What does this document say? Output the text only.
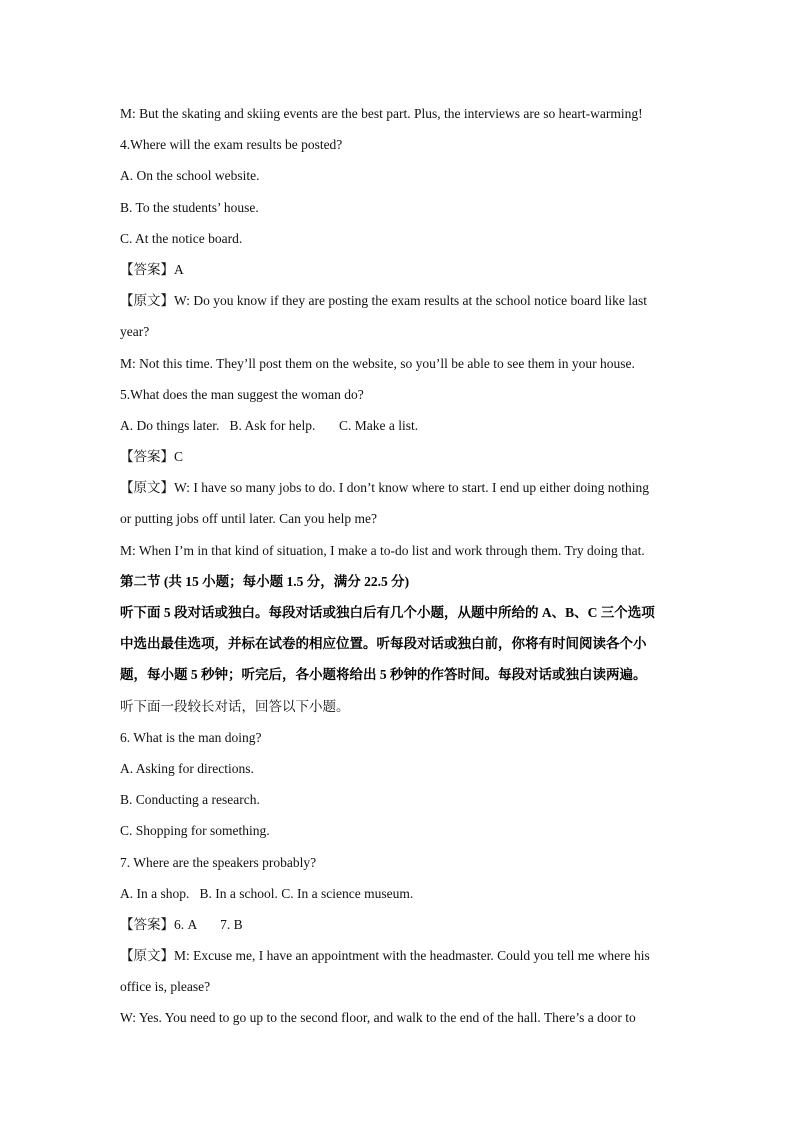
M: But the skating and skiing events are the best part. Plus, the interviews are so heart-warming!
4.Where will the exam results be posted?
A. On the school website.
B. To the students’ house.
C. At the notice board.
【答案】A
【原文】W: Do you know if they are posting the exam results at the school notice board like last
year?
M: Not this time. They’ll post them on the website, so you’ll be able to see them in your house.
5.What does the man suggest the woman do?
A. Do things later.   B. Ask for help.       C. Make a list.
【答案】C
【原文】W: I have so many jobs to do. I don’t know where to start. I end up either doing nothing
or putting jobs off until later. Can you help me?
M: When I’m in that kind of situation, I make a to-do list and work through them. Try doing that.
第二节 (共 15 小题；每小题 1.5 分，满分 22.5 分)
听下面 5 段对话或独白。每段对话或独白后有几个小题，从题中所给的 A、B、C 三个选项
中选出最佳选项，并标在试卷的相应位置。听每段对话或独白前，你将有时间阅读各个小
题，每小题 5 秒钟；听完后，各小题将给出 5 秒钟的作答时间。每段对话或独白读两遍。
听下面一段较长对话，回答以下小题。
6. What is the man doing?
A. Asking for directions.
B. Conducting a research.
C. Shopping for something.
7. Where are the speakers probably?
A. In a shop.   B. In a school. C. In a science museum.
【答案】6. A       7. B
【原文】M: Excuse me, I have an appointment with the headmaster. Could you tell me where his
office is, please?
W: Yes. You need to go up to the second floor, and walk to the end of the hall. There’s a door to
